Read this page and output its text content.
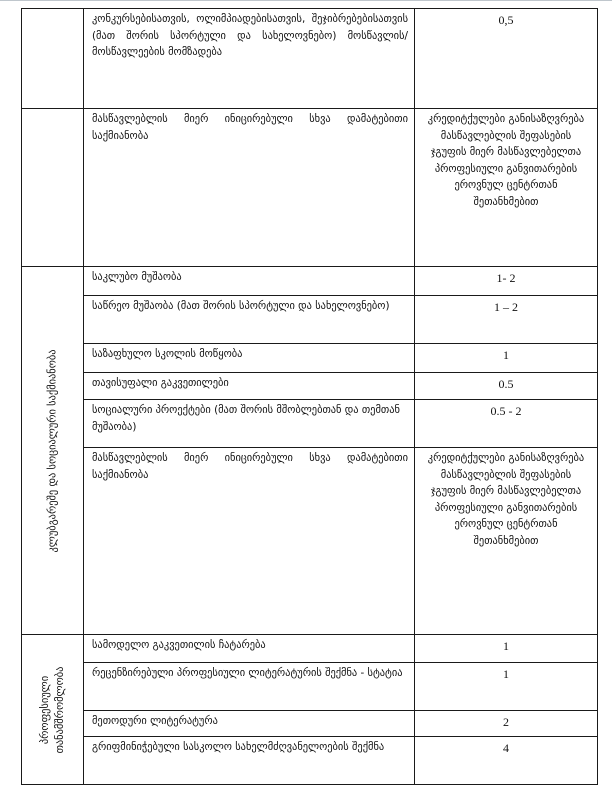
	კონკურსებისათვის, ოლიმპიადებისათვის, შეჯიბრებებისათვის (მათ შორის სპორტული და სახელოვნებო) მოსწავლის/მოსწავლეების მომზადება	0,5

	მასწავლებლის მიერ ინიცირებული სხვა დამატებითი საქმიანობა	კრედიტქულები განისაზღვრება მასწავლებლის შეფასების ჯგუფის მიერ მასწავლებელთა პროფესიული განვითარების ეროვნულ ცენტრთან შეთანხმებით

კლუბგარეშე და სოციალური საქმიანობა	საკლუბო მუშაობა	1- 2

	საწრეო მუშაობა (მათ შორის სპორტული და სახელოვნებო)	1 – 2

	საზაფხულო სკოლის მოწყობა	1

	თავისუფალი გაკვეთილები	0.5

	სოციალური პროექტები (მათ შორის მშობლებთან და თემთან მუშაობა)	0.5 - 2

	მასწავლებლის მიერ ინიცირებული სხვა დამატებითი საქმიანობა	კრედიტქულები განისაზღვრება მასწავლებლის შეფასების ჯგუფის მიერ მასწავლებელთა პროფესიული განვითარების ეროვნულ ცენტრთან შეთანხმებით

პროფესიული თანამშრომლობა	სამოდელო გაკვეთილის ჩატარება	1

	რეცენზირებული პროფესიული ლიტერატურის შექმნა - სტატია	1

	მეთოდური ლიტერატურა	2

	გრიფმინიჭებული სასკოლო სახელმძღვანელოების შექმნა	4
